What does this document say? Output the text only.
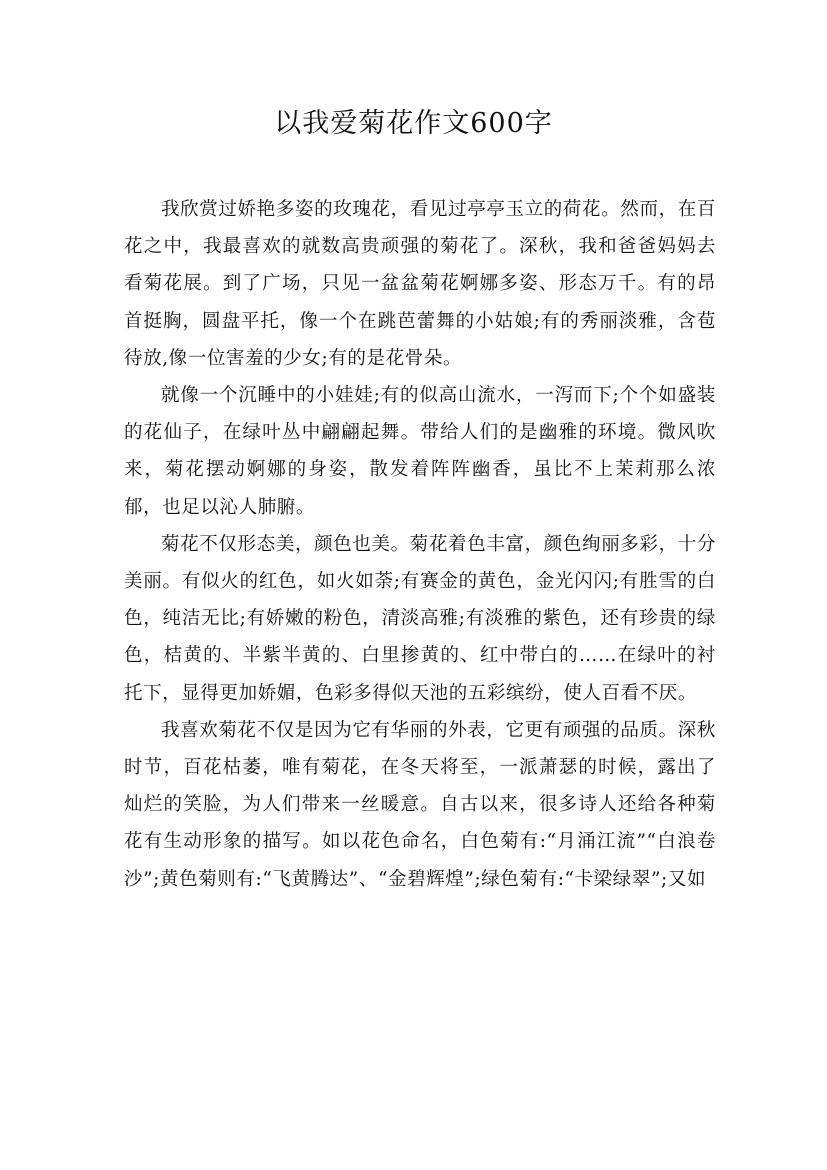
以我爱菊花作文600字

我欣赏过娇艳多姿的玫瑰花，看见过亭亭玉立的荷花。然而，在百花之中，我最喜欢的就数高贵顽强的菊花了。深秋，我和爸爸妈妈去看菊花展。到了广场，只见一盆盆菊花婀娜多姿、形态万千。有的昂首挺胸，圆盘平托，像一个在跳芭蕾舞的小姑娘;有的秀丽淡雅，含苞待放,像一位害羞的少女;有的是花骨朵。

就像一个沉睡中的小娃娃;有的似高山流水，一泻而下;个个如盛装的花仙子，在绿叶丛中翩翩起舞。带给人们的是幽雅的环境。微风吹来，菊花摆动婀娜的身姿，散发着阵阵幽香，虽比不上茉莉那么浓郁，也足以沁人肺腑。

菊花不仅形态美，颜色也美。菊花着色丰富，颜色绚丽多彩，十分美丽。有似火的红色，如火如荼;有赛金的黄色，金光闪闪;有胜雪的白色，纯洁无比;有娇嫩的粉色，清淡高雅;有淡雅的紫色，还有珍贵的绿色，桔黄的、半紫半黄的、白里掺黄的、红中带白的……在绿叶的衬托下，显得更加娇媚，色彩多得似天池的五彩缤纷，使人百看不厌。

我喜欢菊花不仅是因为它有华丽的外表，它更有顽强的品质。深秋时节，百花枯萎，唯有菊花，在冬天将至，一派萧瑟的时候，露出了灿烂的笑脸，为人们带来一丝暖意。自古以来，很多诗人还给各种菊花有生动形象的描写。如以花色命名，白色菊有:“月涌江流”“白浪卷沙”;黄色菊则有:“飞黄腾达”、“金碧辉煌”;绿色菊有:“卡梁绿翠”;又如
